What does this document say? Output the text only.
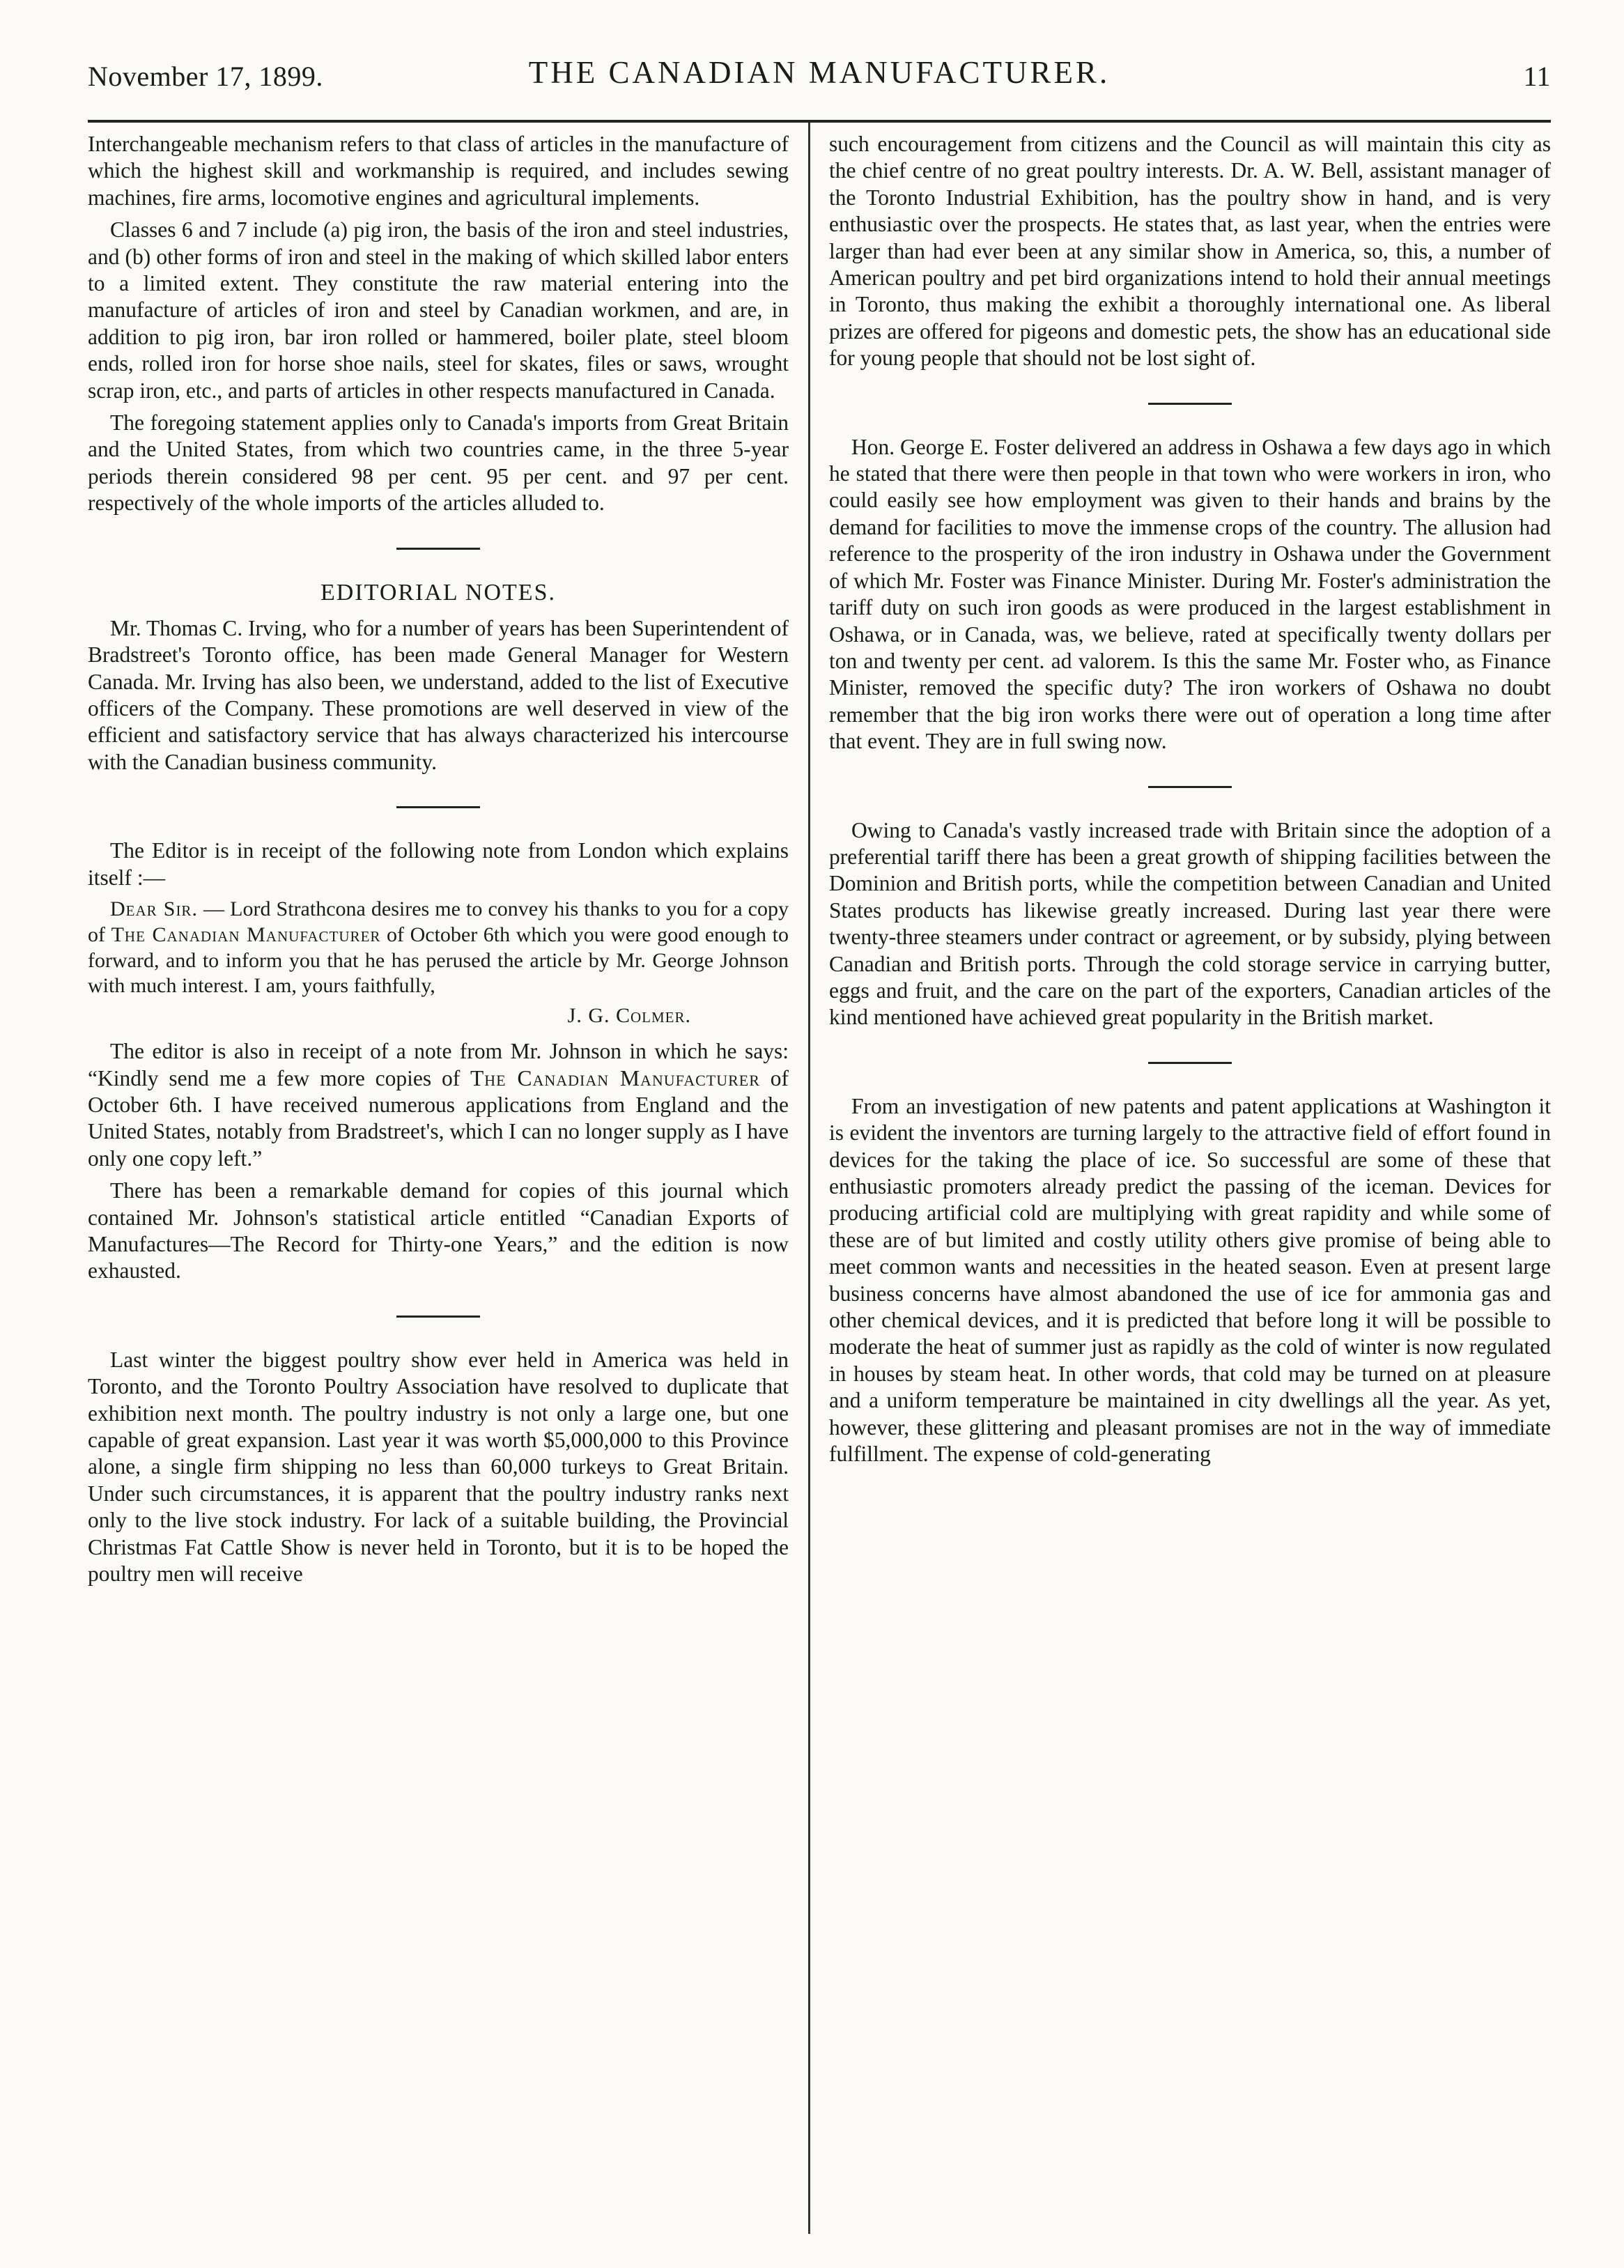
November 17, 1899.	THE CANADIAN MANUFACTURER.	11

Interchangeable mechanism refers to that class of articles in the manufacture of which the highest skill and workmanship is required, and includes sewing machines, fire arms, locomotive engines and agricultural implements.

Classes 6 and 7 include (a) pig iron, the basis of the iron and steel industries, and (b) other forms of iron and steel in the making of which skilled labor enters to a limited extent. They constitute the raw material entering into the manufacture of articles of iron and steel by Canadian workmen, and are, in addition to pig iron, bar iron rolled or hammered, boiler plate, steel bloom ends, rolled iron for horse shoe nails, steel for skates, files or saws, wrought scrap iron, etc., and parts of articles in other respects manufactured in Canada.

The foregoing statement applies only to Canada's imports from Great Britain and the United States, from which two countries came, in the three 5-year periods therein considered 98 per cent. 95 per cent. and 97 per cent. respectively of the whole imports of the articles alluded to.

EDITORIAL NOTES.

Mr. Thomas C. Irving, who for a number of years has been Superintendent of Bradstreet's Toronto office, has been made General Manager for Western Canada. Mr. Irving has also been, we understand, added to the list of Executive officers of the Company. These promotions are well deserved in view of the efficient and satisfactory service that has always characterized his intercourse with the Canadian business community.

The Editor is in receipt of the following note from London which explains itself :—

Dear Sir. — Lord Strathcona desires me to convey his thanks to you for a copy of The Canadian Manufacturer of October 6th which you were good enough to forward, and to inform you that he has perused the article by Mr. George Johnson with much interest. I am, yours faithfully,
J. G. Colmer.

The editor is also in receipt of a note from Mr. Johnson in which he says: “Kindly send me a few more copies of The Canadian Manufacturer of October 6th. I have received numerous applications from England and the United States, notably from Bradstreet's, which I can no longer supply as I have only one copy left.”

There has been a remarkable demand for copies of this journal which contained Mr. Johnson's statistical article entitled “Canadian Exports of Manufactures—The Record for Thirty-one Years,” and the edition is now exhausted.

Last winter the biggest poultry show ever held in America was held in Toronto, and the Toronto Poultry Association have resolved to duplicate that exhibition next month. The poultry industry is not only a large one, but one capable of great expansion. Last year it was worth $5,000,000 to this Province alone, a single firm shipping no less than 60,000 turkeys to Great Britain. Under such circumstances, it is apparent that the poultry industry ranks next only to the live stock industry. For lack of a suitable building, the Provincial Christmas Fat Cattle Show is never held in Toronto, but it is to be hoped the poultry men will receive

such encouragement from citizens and the Council as will maintain this city as the chief centre of no great poultry interests. Dr. A. W. Bell, assistant manager of the Toronto Industrial Exhibition, has the poultry show in hand, and is very enthusiastic over the prospects. He states that, as last year, when the entries were larger than had ever been at any similar show in America, so, this, a number of American poultry and pet bird organizations intend to hold their annual meetings in Toronto, thus making the exhibit a thoroughly international one. As liberal prizes are offered for pigeons and domestic pets, the show has an educational side for young people that should not be lost sight of.

Hon. George E. Foster delivered an address in Oshawa a few days ago in which he stated that there were then people in that town who were workers in iron, who could easily see how employment was given to their hands and brains by the demand for facilities to move the immense crops of the country. The allusion had reference to the prosperity of the iron industry in Oshawa under the Government of which Mr. Foster was Finance Minister. During Mr. Foster's administration the tariff duty on such iron goods as were produced in the largest establishment in Oshawa, or in Canada, was, we believe, rated at specifically twenty dollars per ton and twenty per cent. ad valorem. Is this the same Mr. Foster who, as Finance Minister, removed the specific duty? The iron workers of Oshawa no doubt remember that the big iron works there were out of operation a long time after that event. They are in full swing now.

Owing to Canada's vastly increased trade with Britain since the adoption of a preferential tariff there has been a great growth of shipping facilities between the Dominion and British ports, while the competition between Canadian and United States products has likewise greatly increased. During last year there were twenty-three steamers under contract or agreement, or by subsidy, plying between Canadian and British ports. Through the cold storage service in carrying butter, eggs and fruit, and the care on the part of the exporters, Canadian articles of the kind mentioned have achieved great popularity in the British market.

From an investigation of new patents and patent applications at Washington it is evident the inventors are turning largely to the attractive field of effort found in devices for the taking the place of ice. So successful are some of these that enthusiastic promoters already predict the passing of the iceman. Devices for producing artificial cold are multiplying with great rapidity and while some of these are of but limited and costly utility others give promise of being able to meet common wants and necessities in the heated season. Even at present large business concerns have almost abandoned the use of ice for ammonia gas and other chemical devices, and it is predicted that before long it will be possible to moderate the heat of summer just as rapidly as the cold of winter is now regulated in houses by steam heat. In other words, that cold may be turned on at pleasure and a uniform temperature be maintained in city dwellings all the year. As yet, however, these glittering and pleasant promises are not in the way of immediate fulfillment. The expense of cold-generating
